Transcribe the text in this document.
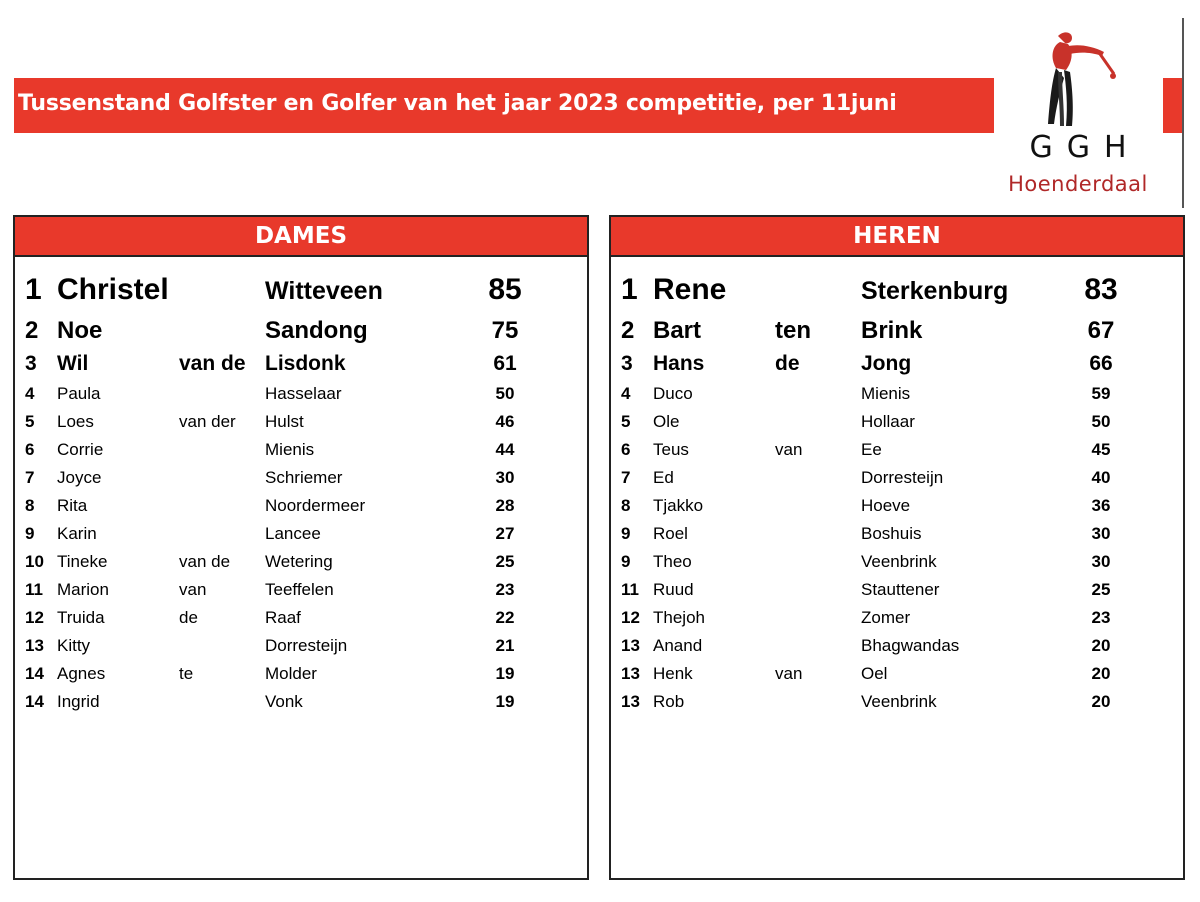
Tussenstand Golfster en Golfer van het jaar 2023 competitie, per 11juni
GGH
Hoenderdaal
DAMES
1 Christel	Witteveen	85
2 Noe	Sandong	75
3 Wil	van de Lisdonk	61
4 Paula	Hasselaar	50
5 Loes	van der Hulst	46
6 Corrie	Mienis	44
7 Joyce	Schriemer	30
8 Rita	Noordermeer	28
9 Karin	Lancee	27
10 Tineke	van de Wetering	25
11 Marion	van	Teeffelen	23
12 Truida	de	Raaf	22
13 Kitty	Dorresteijn	21
14 Agnes	te	Molder	19
14 Ingrid	Vonk	19
HEREN
1 Rene	Sterkenburg	83
2 Bart	ten Brink	67
3 Hans	de	Jong	66
4 Duco	Mienis	59
5 Ole	Hollaar	50
6 Teus	van	Ee	45
7 Ed	Dorresteijn	40
8 Tjakko	Hoeve	36
9 Roel	Boshuis	30
9 Theo	Veenbrink	30
11 Ruud	Stauttener	25
12 Thejoh	Zomer	23
13 Anand	Bhagwandas	20
13 Henk	van	Oel	20
13 Rob	Veenbrink	20
